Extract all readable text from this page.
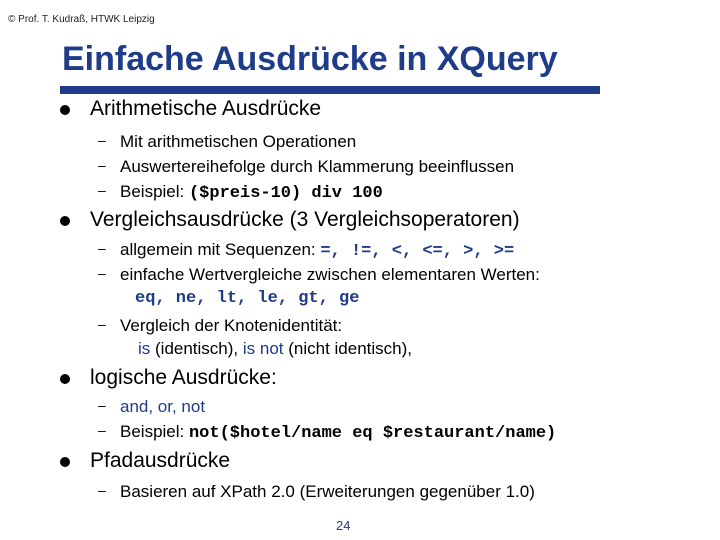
© Prof. T. Kudraß, HTWK Leipzig
Einfache Ausdrücke in XQuery
Arithmetische Ausdrücke
– Mit arithmetischen Operationen
– Auswertereihefolge durch Klammerung beeinflussen
– Beispiel: ($preis-10) div 100
Vergleichsausdrücke (3 Vergleichsoperatoren)
– allgemein mit Sequenzen: =, !=, <, <=, >, >=
– einfache Wertvergleiche zwischen elementaren Werten:
eq, ne, lt, le, gt, ge
– Vergleich der Knotenidentität:
is (identisch), is not (nicht identisch),
logische Ausdrücke:
– and, or, not
– Beispiel: not($hotel/name eq $restaurant/name)
Pfadausdrücke
– Basieren auf XPath 2.0 (Erweiterungen gegenüber 1.0)
24
